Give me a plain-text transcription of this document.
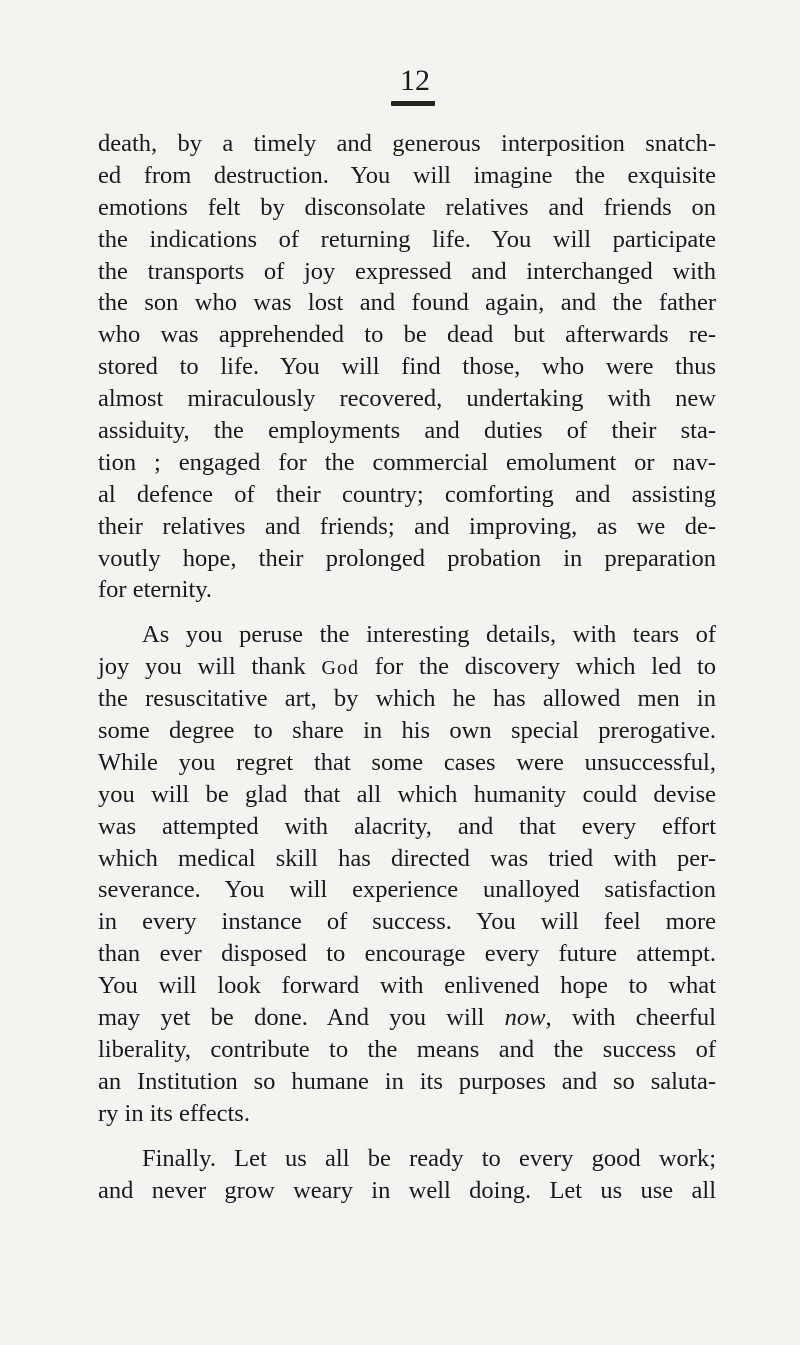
12
death, by a timely and generous interposition snatch-
ed from destruction. You will imagine the exquisite
emotions felt by disconsolate relatives and friends on
the indications of returning life. You will participate
the transports of joy expressed and interchanged with
the son who was lost and found again, and the father
who was apprehended to be dead but afterwards re-
stored to life. You will find those, who were thus
almost miraculously recovered, undertaking with new
assiduity, the employments and duties of their sta-
tion ; engaged for the commercial emolument or nav-
al defence of their country; comforting and assisting
their relatives and friends; and improving, as we de-
voutly hope, their prolonged probation in preparation
for eternity.
As you peruse the interesting details, with tears of
joy you will thank God for the discovery which led to
the resuscitative art, by which he has allowed men in
some degree to share in his own special prerogative.
While you regret that some cases were unsuccessful,
you will be glad that all which humanity could devise
was attempted with alacrity, and that every effort
which medical skill has directed was tried with per-
severance. You will experience unalloyed satisfaction
in every instance of success. You will feel more
than ever disposed to encourage every future attempt.
You will look forward with enlivened hope to what
may yet be done. And you will now, with cheerful
liberality, contribute to the means and the success of
an Institution so humane in its purposes and so saluta-
ry in its effects.
Finally. Let us all be ready to every good work;
and never grow weary in well doing. Let us use all
